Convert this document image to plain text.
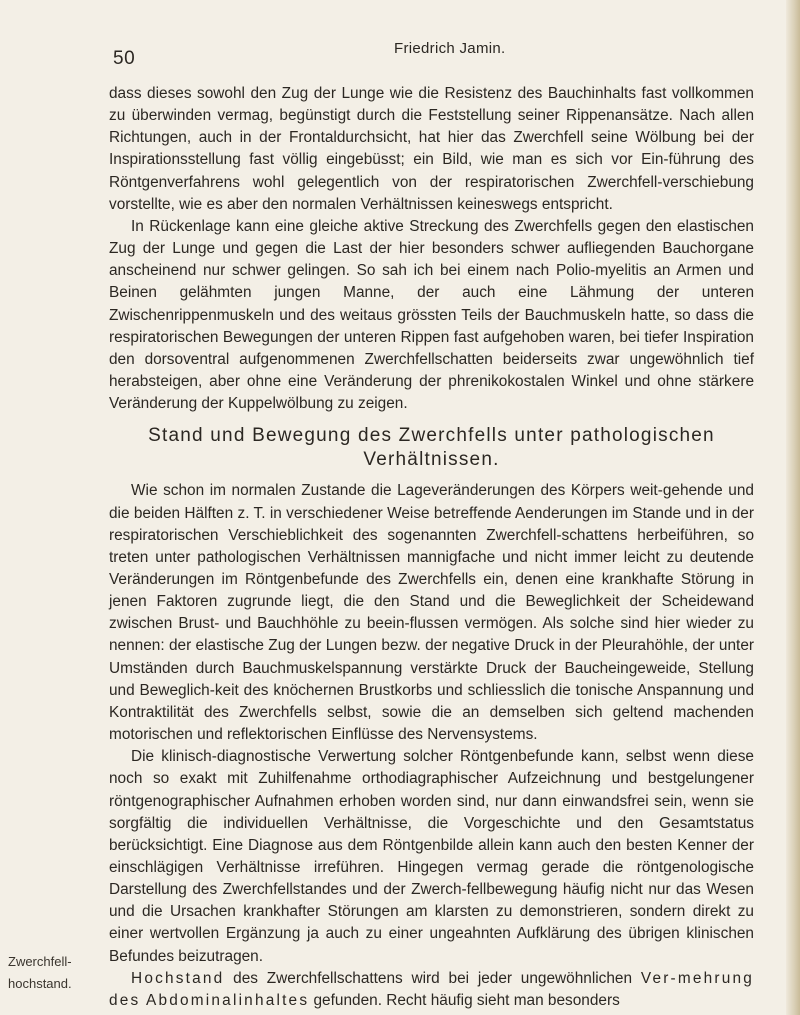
50	Friedrich Jamin.

dass dieses sowohl den Zug der Lunge wie die Resistenz des Bauchinhalts fast vollkommen zu überwinden vermag, begünstigt durch die Feststellung seiner Rippenansätze. Nach allen Richtungen, auch in der Frontaldurchsicht, hat hier das Zwerchfell seine Wölbung bei der Inspirationsstellung fast völlig eingebüsst; ein Bild, wie man es sich vor Ein-führung des Röntgenverfahrens wohl gelegentlich von der respiratorischen Zwerchfell-verschiebung vorstellte, wie es aber den normalen Verhältnissen keineswegs entspricht.

In Rückenlage kann eine gleiche aktive Streckung des Zwerchfells gegen den elastischen Zug der Lunge und gegen die Last der hier besonders schwer aufliegenden Bauchorgane anscheinend nur schwer gelingen. So sah ich bei einem nach Polio-myelitis an Armen und Beinen gelähmten jungen Manne, der auch eine Lähmung der unteren Zwischenrippenmuskeln und des weitaus grössten Teils der Bauchmuskeln hatte, so dass die respiratorischen Bewegungen der unteren Rippen fast aufgehoben waren, bei tiefer Inspiration den dorsoventral aufgenommenen Zwerchfellschatten beiderseits zwar ungewöhnlich tief herabsteigen, aber ohne eine Veränderung der phrenikokostalen Winkel und ohne stärkere Veränderung der Kuppelwölbung zu zeigen.

Stand und Bewegung des Zwerchfells unter pathologischen Verhältnissen.

Wie schon im normalen Zustande die Lageveränderungen des Körpers weit-gehende und die beiden Hälften z. T. in verschiedener Weise betreffende Aenderungen im Stande und in der respiratorischen Verschieblichkeit des sogenannten Zwerchfell-schattens herbeiführen, so treten unter pathologischen Verhältnissen mannigfache und nicht immer leicht zu deutende Veränderungen im Röntgenbefunde des Zwerchfells ein, denen eine krankhafte Störung in jenen Faktoren zugrunde liegt, die den Stand und die Beweglichkeit der Scheidewand zwischen Brust- und Bauchhöhle zu beein-flussen vermögen. Als solche sind hier wieder zu nennen: der elastische Zug der Lungen bezw. der negative Druck in der Pleurahöhle, der unter Umständen durch Bauchmuskelspannung verstärkte Druck der Baucheingeweide, Stellung und Beweglich-keit des knöchernen Brustkorbs und schliesslich die tonische Anspannung und Kontraktilität des Zwerchfells selbst, sowie die an demselben sich geltend machenden motorischen und reflektorischen Einflüsse des Nervensystems.

Die klinisch-diagnostische Verwertung solcher Röntgenbefunde kann, selbst wenn diese noch so exakt mit Zuhilfenahme orthodiagraphischer Aufzeichnung und bestgelungener röntgenographischer Aufnahmen erhoben worden sind, nur dann einwandsfrei sein, wenn sie sorgfältig die individuellen Verhältnisse, die Vorgeschichte und den Gesamtstatus berücksichtigt. Eine Diagnose aus dem Röntgenbilde allein kann auch den besten Kenner der einschlägigen Verhältnisse irreführen. Hingegen vermag gerade die röntgenologische Darstellung des Zwerchfellstandes und der Zwerch-fellbewegung häufig nicht nur das Wesen und die Ursachen krankhafter Störungen am klarsten zu demonstrieren, sondern direkt zu einer wertvollen Ergänzung ja auch zu einer ungeahnten Aufklärung des übrigen klinischen Befundes beizutragen.

Hochstand des Zwerchfellschattens wird bei jeder ungewöhnlichen Ver-mehrung des Abdominalinhaltes gefunden. Recht häufig sieht man besonders

Zwerchfell-
hochstand.
